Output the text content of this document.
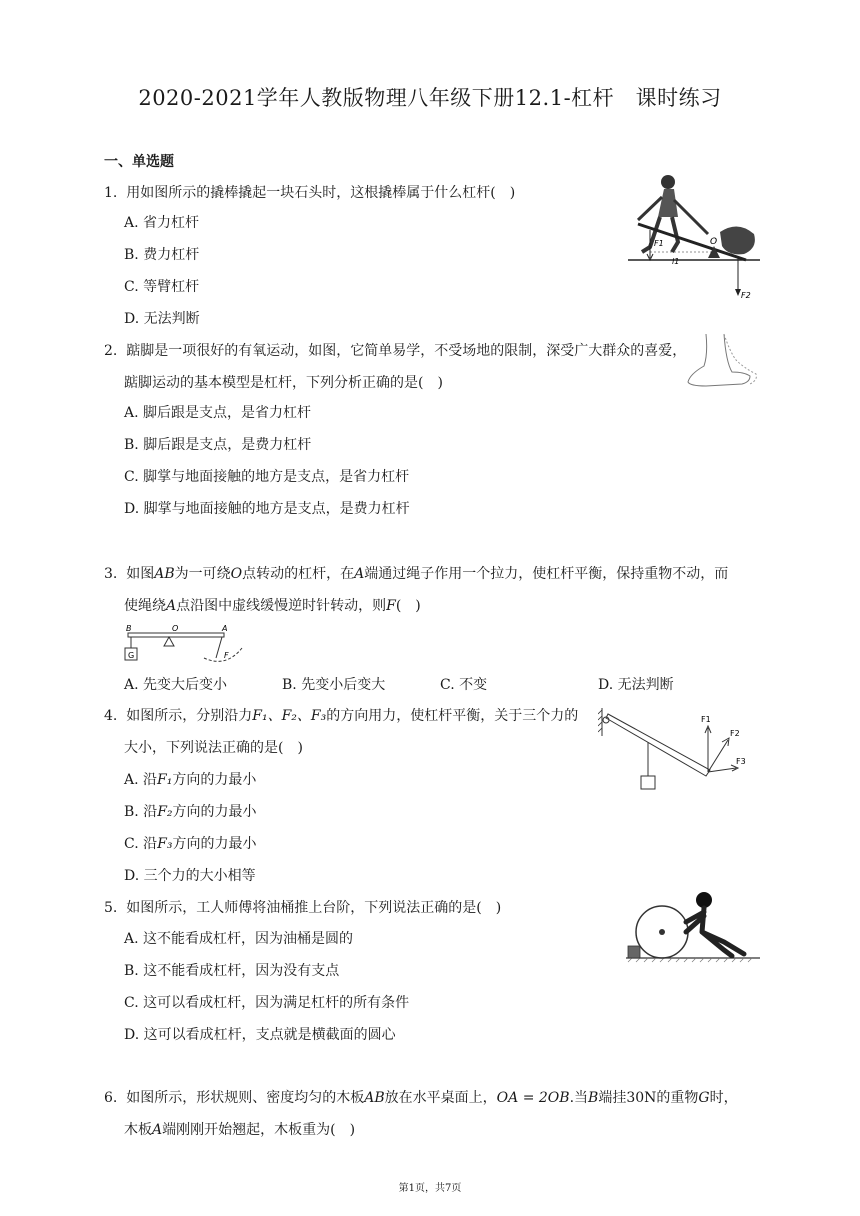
2020-2021学年人教版物理八年级下册12.1-杠杆　课时练习
一、单选题
1. 用如图所示的撬棒撬起一块石头时，这根撬棒属于什么杠杆(　)
A. 省力杠杆
B. 费力杠杆
C. 等臂杠杆
D. 无法判断
F1
l1
O
F2
2. 踮脚是一项很好的有氧运动，如图，它简单易学，不受场地的限制，深受广大群众的喜爱，
踮脚运动的基本模型是杠杆，下列分析正确的是(　)
A. 脚后跟是支点，是省力杠杆
B. 脚后跟是支点，是费力杠杆
C. 脚掌与地面接触的地方是支点，是省力杠杆
D. 脚掌与地面接触的地方是支点，是费力杠杆
3. 如图AB为一可绕O点转动的杠杆，在A端通过绳子作用一个拉力，使杠杆平衡，保持重物不动，而
使绳绕A点沿图中虚线缓慢逆时针转动，则F(　)
B	O	A
G	F
A. 先变大后变小	B. 先变小后变大	C. 不变	D. 无法判断
4. 如图所示，分别沿力F₁、F₂、F₃的方向用力，使杠杆平衡，关于三个力的
大小，下列说法正确的是(　)
A. 沿F₁方向的力最小
B. 沿F₂方向的力最小
C. 沿F₃方向的力最小
D. 三个力的大小相等
F1
F2
F3
5. 如图所示，工人师傅将油桶推上台阶，下列说法正确的是(　)
A. 这不能看成杠杆，因为油桶是圆的
B. 这不能看成杠杆，因为没有支点
C. 这可以看成杠杆，因为满足杠杆的所有条件
D. 这可以看成杠杆，支点就是横截面的圆心
6. 如图所示，形状规则、密度均匀的木板AB放在水平桌面上，OA = 2OB.当B端挂30N的重物G时，
木板A端刚刚开始翘起，木板重为(　)
第1页，共7页
